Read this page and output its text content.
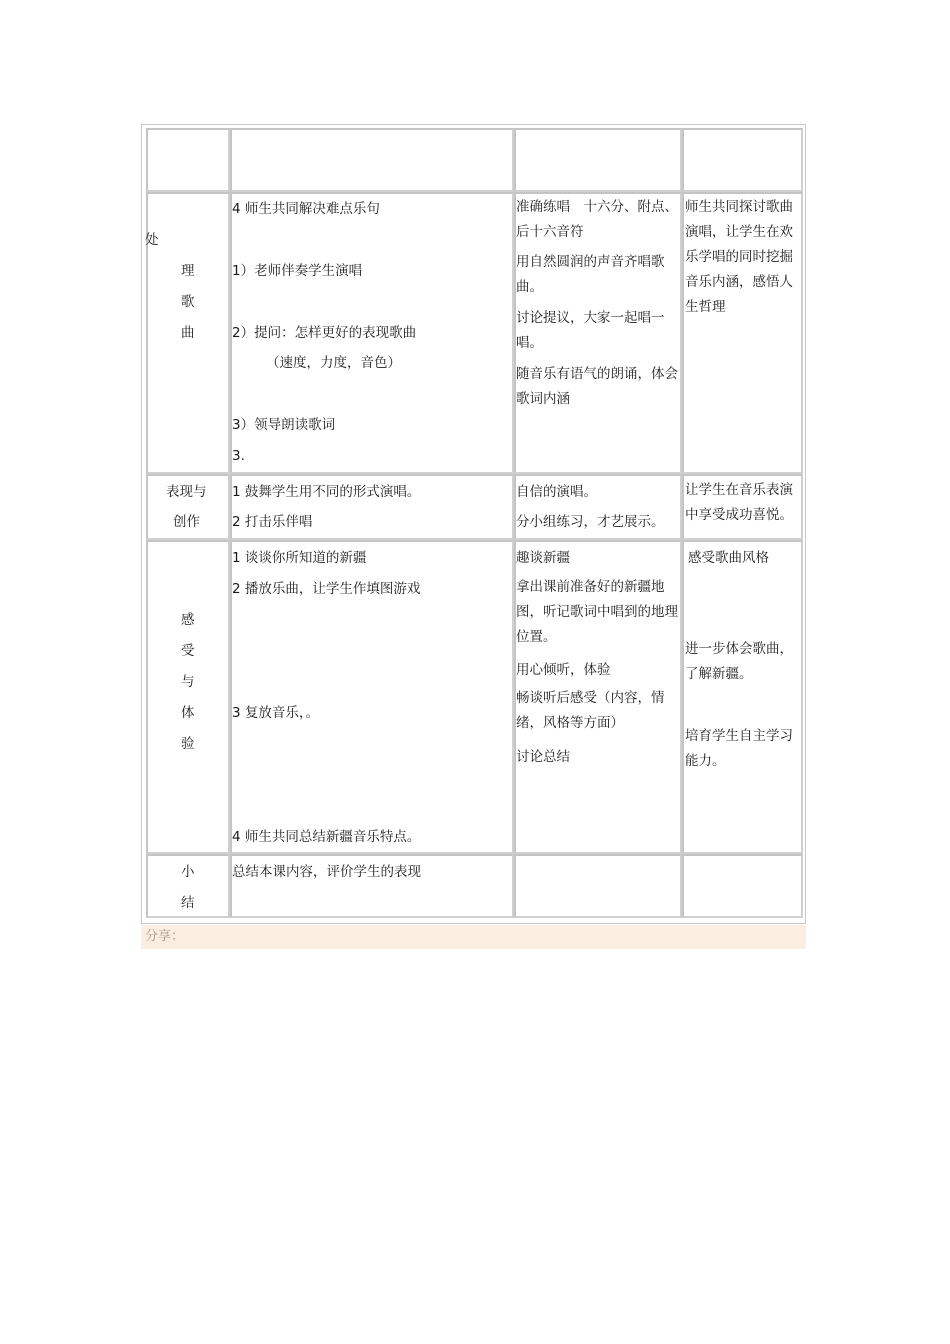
处
理
歌
曲
4 师生共同解决难点乐句
1）老师伴奏学生演唱
2）提问：怎样更好的表现歌曲
（速度，力度，音色）
3）领导朗读歌词
3.
准确练唱　十六分、附点、后十六音符
用自然圆润的声音齐唱歌曲。
讨论提议，大家一起唱一唱。
随音乐有语气的朗诵，体会歌词内涵
师生共同探讨歌曲演唱，让学生在欢乐学唱的同时挖掘音乐内涵，感悟人生哲理
表现与
创作
1 鼓舞学生用不同的形式演唱。
2 打击乐伴唱
自信的演唱。
分小组练习，才艺展示。
让学生在音乐表演中享受成功喜悦。
感
受
与
体
验
1 谈谈你所知道的新疆
2 播放乐曲，让学生作填图游戏
3 复放音乐，。
4 师生共同总结新疆音乐特点。
趣谈新疆
拿出课前准备好的新疆地图，听记歌词中唱到的地理位置。
用心倾听，体验
畅谈听后感受（内容，情绪，风格等方面）
讨论总结
感受歌曲风格
进一步体会歌曲，了解新疆。
培育学生自主学习能力。
小
结
总结本课内容，评价学生的表现
分享：
